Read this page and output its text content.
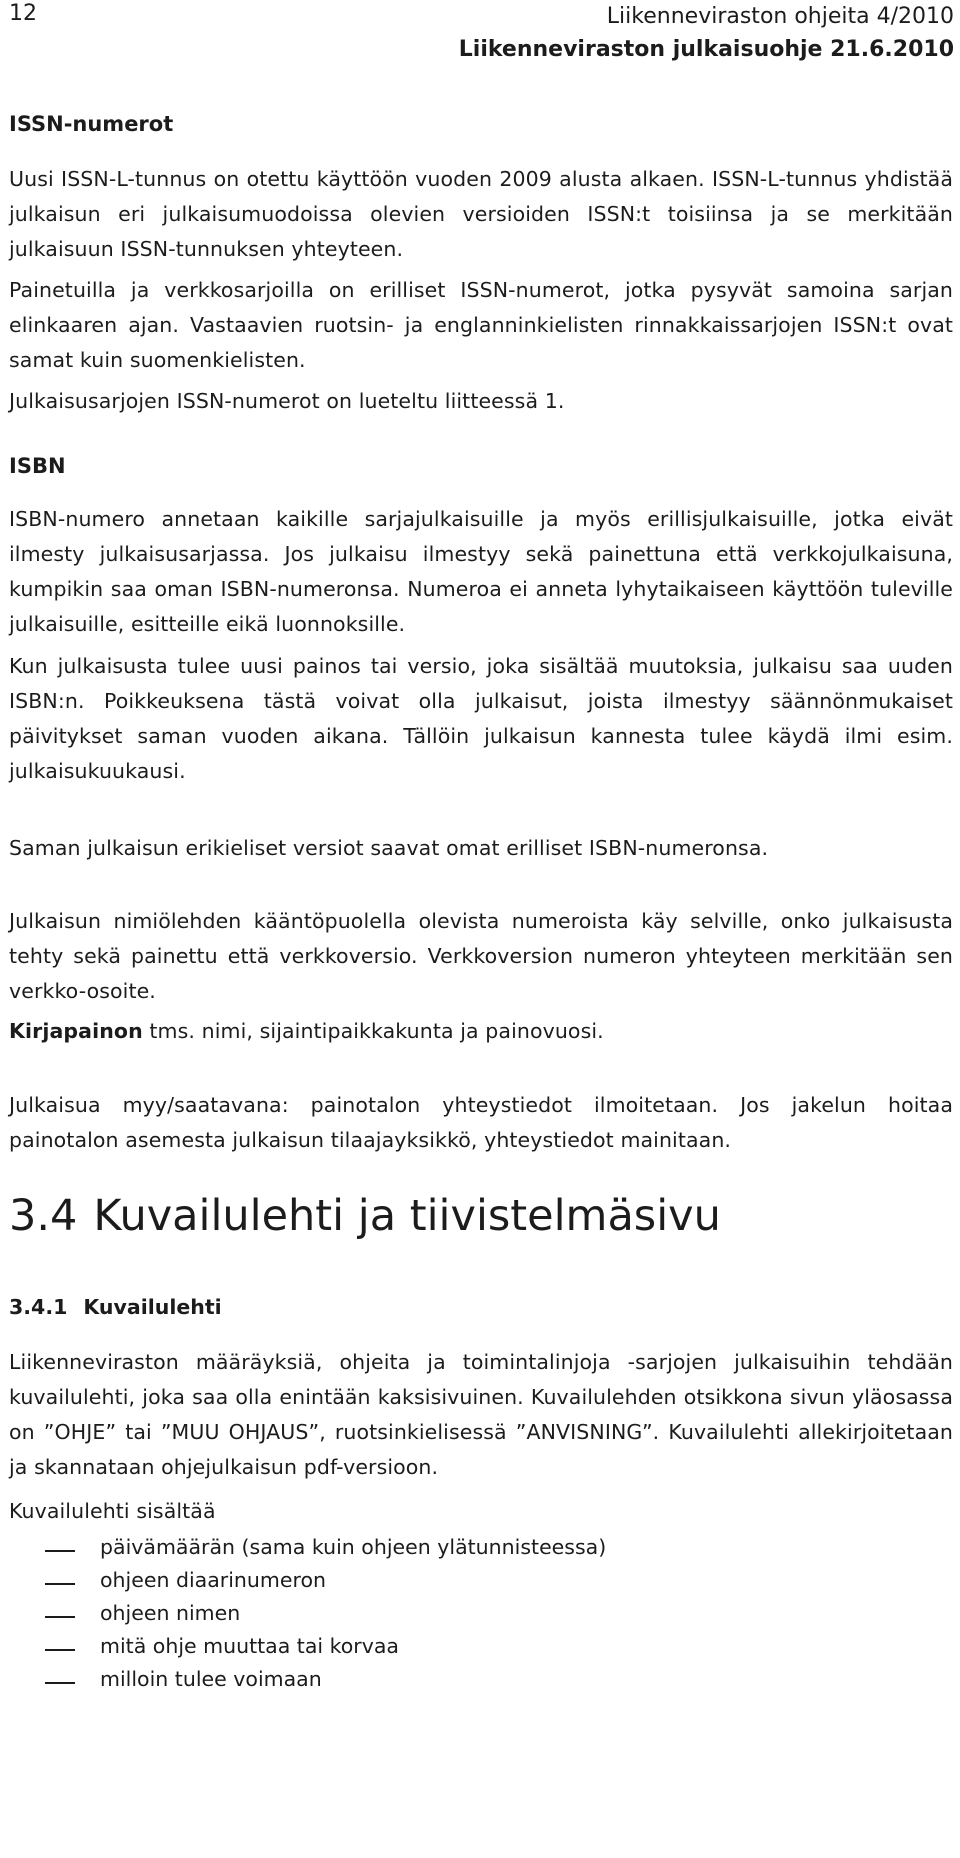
12	Liikenneviraston ohjeita 4/2010
Liikenneviraston julkaisuohje 21.6.2010
ISSN-numerot

Uusi ISSN-L-tunnus on otettu käyttöön vuoden 2009 alusta alkaen. ISSN-L-tunnus yhdistää julkaisun eri julkaisumuodoissa olevien versioiden ISSN:t toisiinsa ja se merkitään julkaisuun ISSN-tunnuksen yhteyteen.

Painetuilla ja verkkosarjoilla on erilliset ISSN-numerot, jotka pysyvät samoina sarjan elinkaaren ajan. Vastaavien ruotsin- ja englanninkielisten rinnakkaissarjojen ISSN:t ovat samat kuin suomenkielisten.

Julkaisusarjojen ISSN-numerot on lueteltu liitteessä 1.

ISBN

ISBN-numero annetaan kaikille sarjajulkaisuille ja myös erillisjulkaisuille, jotka eivät ilmesty julkaisusarjassa. Jos julkaisu ilmestyy sekä painettuna että verkkojulkaisuna, kumpikin saa oman ISBN-numeronsa. Numeroa ei anneta lyhytaikaiseen käyttöön tuleville julkaisuille, esitteille eikä luonnoksille.

Kun julkaisusta tulee uusi painos tai versio, joka sisältää muutoksia, julkaisu saa uuden ISBN:n. Poikkeuksena tästä voivat olla julkaisut, joista ilmestyy säännönmukaiset päivitykset saman vuoden aikana. Tällöin julkaisun kannesta tulee käydä ilmi esim. julkaisukuukausi.

Saman julkaisun erikieliset versiot saavat omat erilliset ISBN-numeronsa.

Julkaisun nimiölehden kääntöpuolella olevista numeroista käy selville, onko julkaisusta tehty sekä painettu että verkkoversio. Verkkoversion numeron yhteyteen merkitään sen verkko-osoite.

Kirjapainon tms. nimi, sijaintipaikkakunta ja painovuosi.

Julkaisua myy/saatavana: painotalon yhteystiedot ilmoitetaan. Jos jakelun hoitaa painotalon asemesta julkaisun tilaajayksikkö, yhteystiedot mainitaan.

3.4 Kuvailulehti ja tiivistelmäsivu
3.4.1 Kuvailulehti

Liikenneviraston määräyksiä, ohjeita ja toimintalinjoja -sarjojen julkaisuihin tehdään kuvailulehti, joka saa olla enintään kaksisivuinen. Kuvailulehden otsikkona sivun yläosassa on ”OHJE” tai ”MUU OHJAUS”, ruotsinkielisessä ”ANVISNING”. Kuvailulehti allekirjoitetaan ja skannataan ohjejulkaisun pdf-versioon.

Kuvailulehti sisältää

päivämäärän (sama kuin ohjeen ylätunnisteessa)
ohjeen diaarinumeron
ohjeen nimen
mitä ohje muuttaa tai korvaa
milloin tulee voimaan
